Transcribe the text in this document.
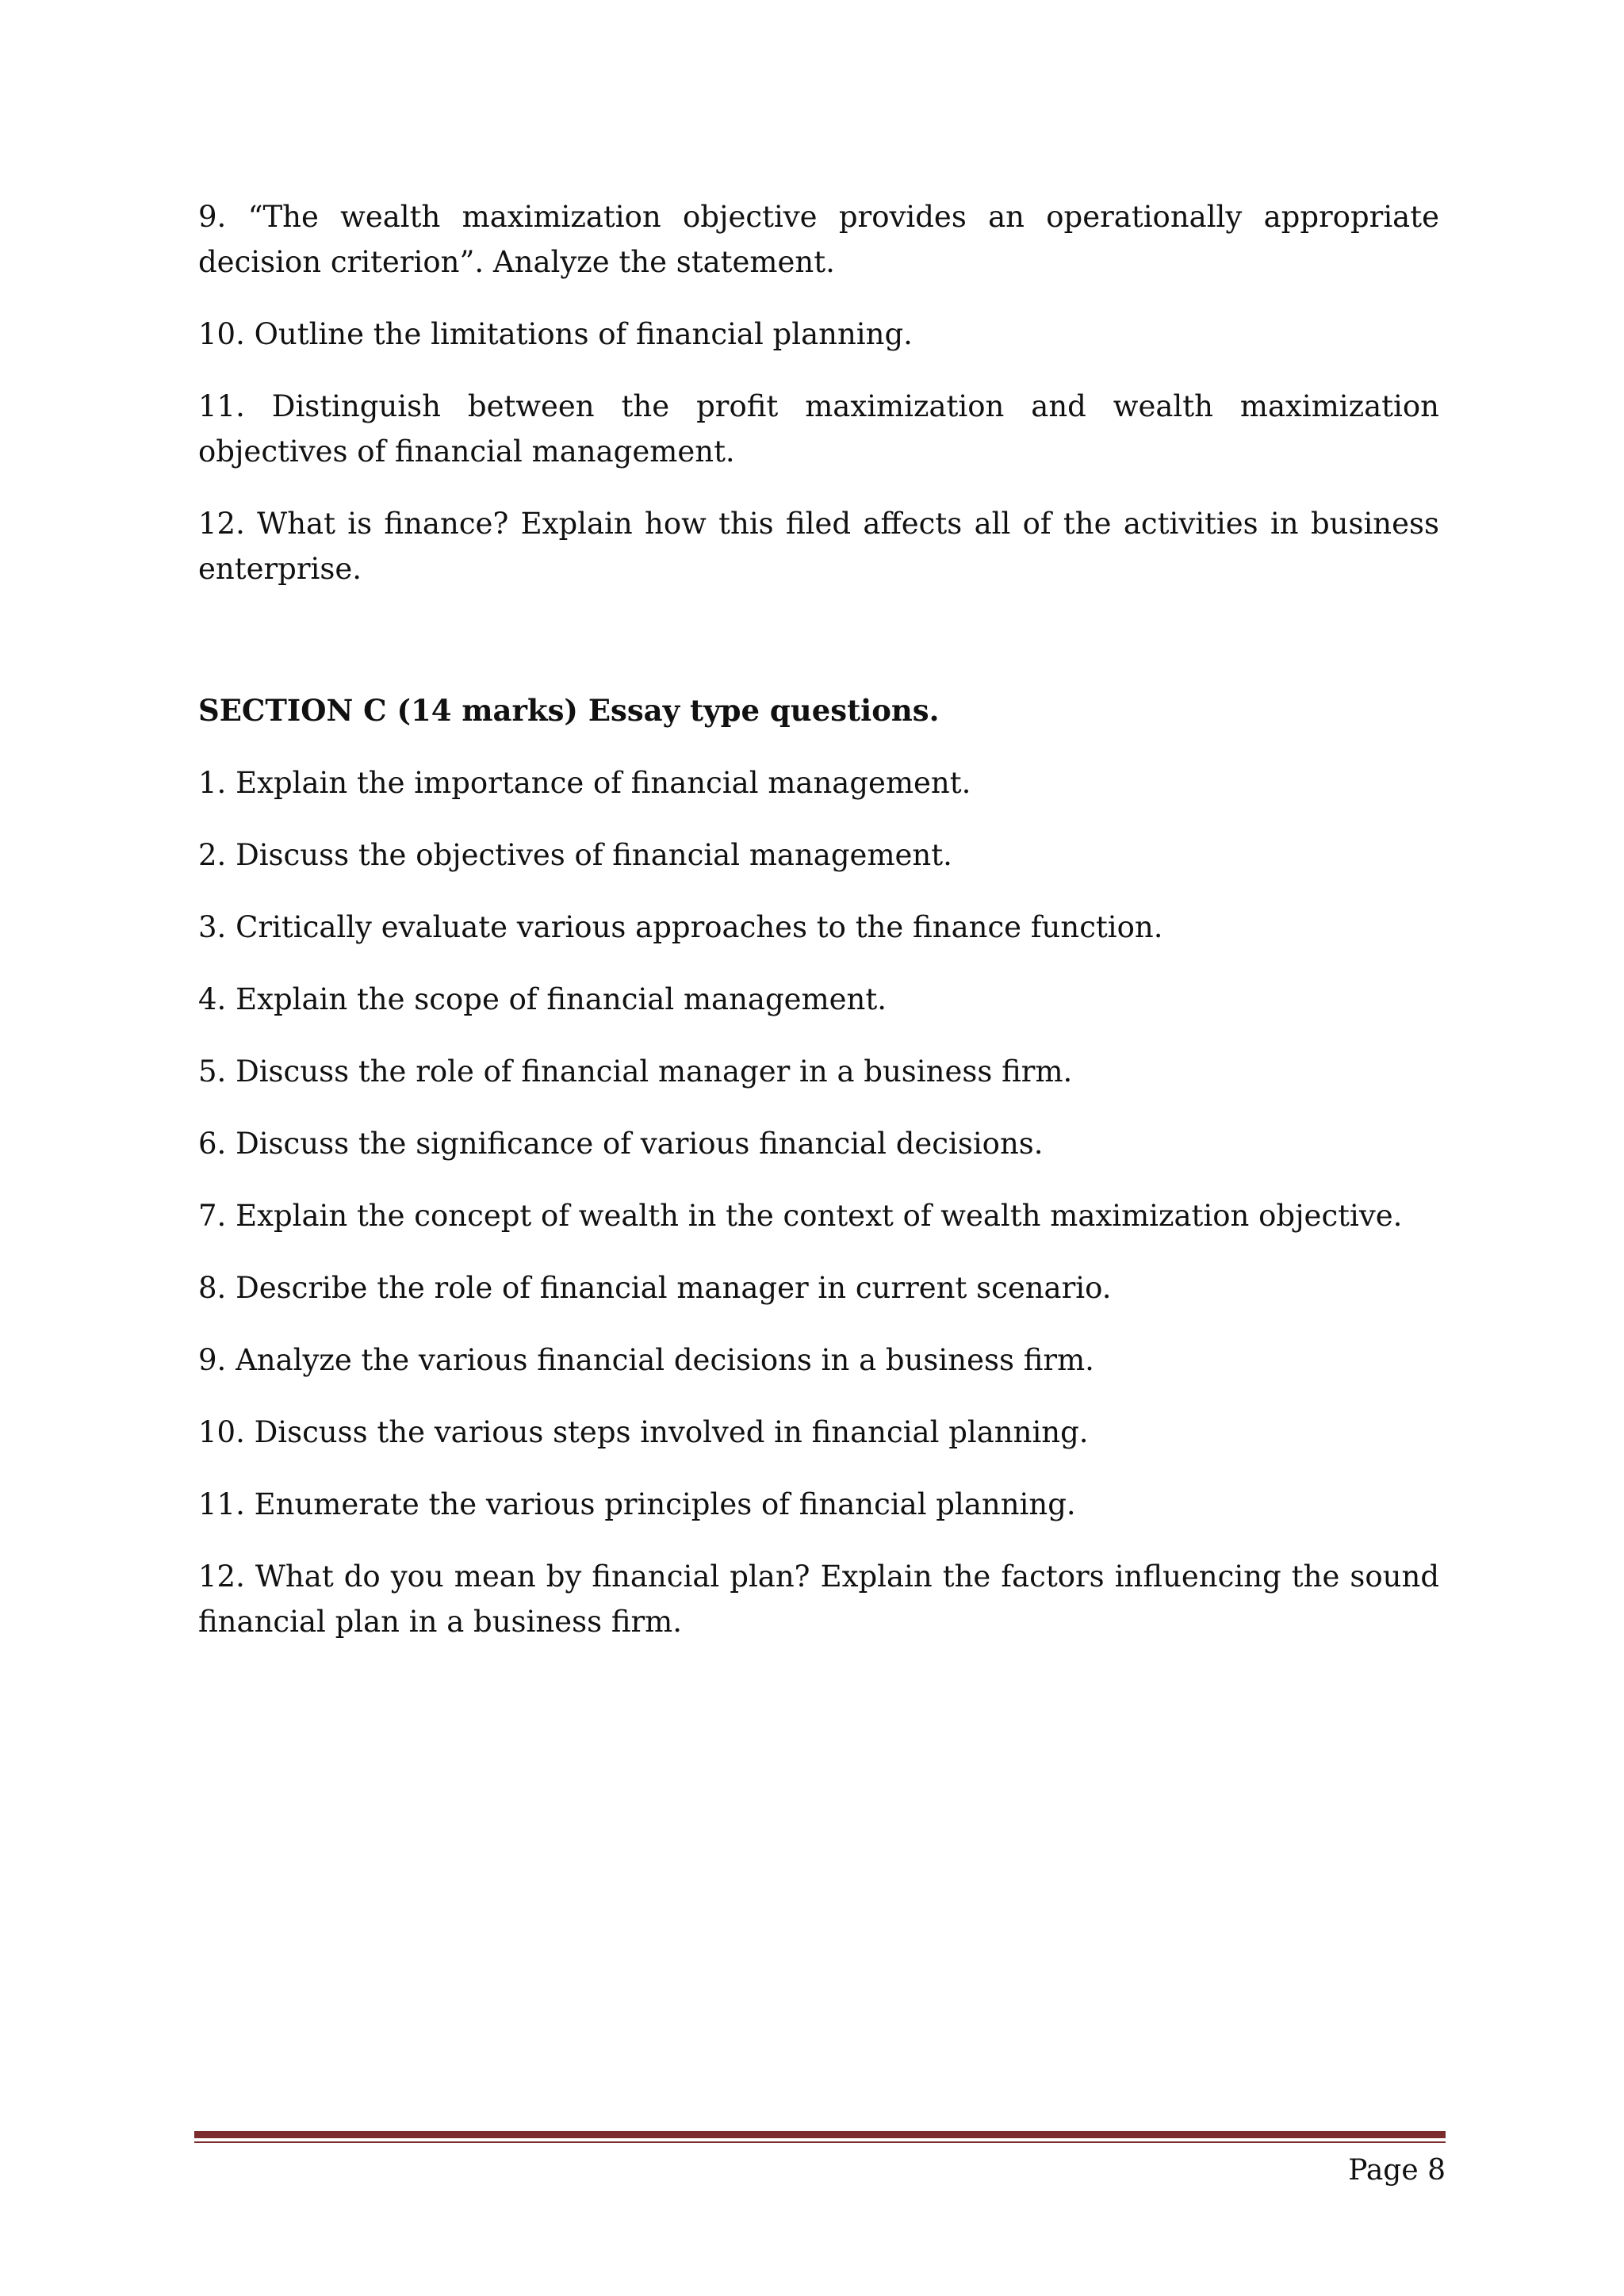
9. “The wealth maximization objective provides an operationally appropriate decision criterion”. Analyze the statement.

10. Outline the limitations of financial planning.

11. Distinguish between the profit maximization and wealth maximization objectives of financial management.

12. What is finance? Explain how this filed affects all of the activities in business enterprise.

SECTION C (14 marks) Essay type questions.

1. Explain the importance of financial management.

2. Discuss the objectives of financial management.

3. Critically evaluate various approaches to the finance function.

4. Explain the scope of financial management.

5. Discuss the role of financial manager in a business firm.

6. Discuss the significance of various financial decisions.

7. Explain the concept of wealth in the context of wealth maximization objective.

8. Describe the role of financial manager in current scenario.

9. Analyze the various financial decisions in a business firm.

10. Discuss the various steps involved in financial planning.

11. Enumerate the various principles of financial planning.

12. What do you mean by financial plan? Explain the factors influencing the sound financial plan in a business firm.

Page 8
